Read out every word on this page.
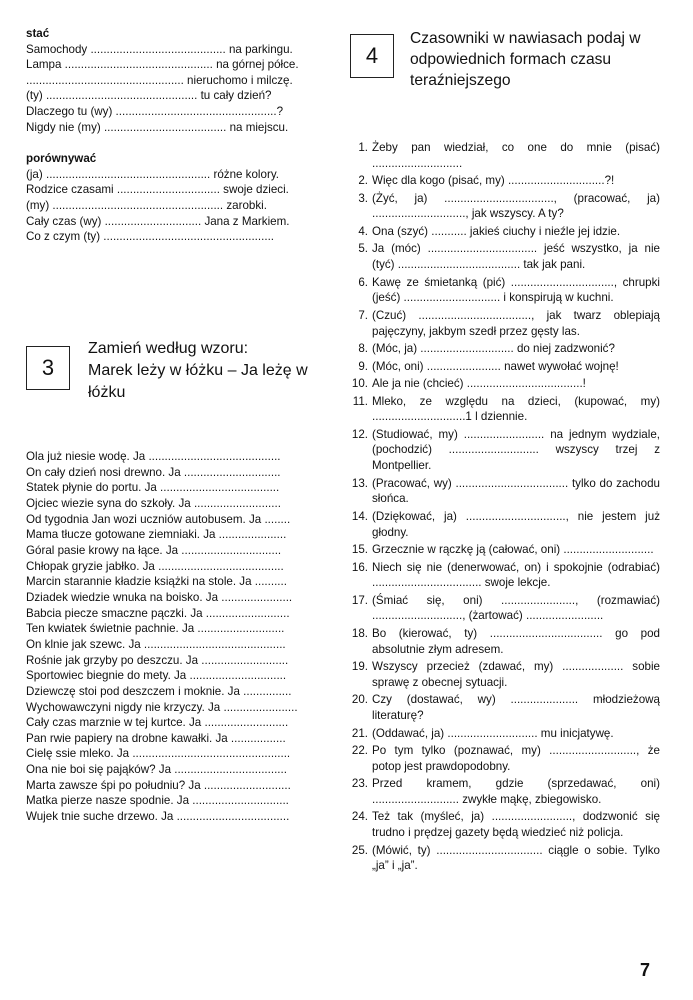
stać

Samochody .......................................... na parkingu.
Lampa .............................................. na górnej półce.
................................................. nieruchomo i milczę.
(ty) ............................................... tu cały dzień?
Dlaczego tu (wy) ..................................................?
Nigdy nie (my) ...................................... na miejscu.

porównywać

(ja) ................................................... różne kolory.
Rodzice czasami ................................ swoje dzieci.
(my) ..................................................... zarobki.
Cały czas (wy) .............................. Jana z Markiem.
Co z czym (ty) .....................................................
3
Zamień według wzoru:
Marek leży w łóżku – Ja leżę w łóżku
Ola już niesie wodę. Ja .........................................
On cały dzień nosi drewno. Ja ..............................
Statek płynie do portu. Ja .....................................
Ojciec wiezie syna do szkoły. Ja ...........................
Od tygodnia Jan wozi uczniów autobusem. Ja ........
Mama tłucze gotowane ziemniaki. Ja .....................
Góral pasie krowy na łące. Ja ...............................
Chłopak gryzie jabłko. Ja .......................................
Marcin starannie kładzie książki na stole. Ja ..........
Dziadek wiedzie wnuka na boisko. Ja ......................
Babcia piecze smaczne pączki. Ja ..........................
Ten kwiatek świetnie pachnie. Ja ...........................
On klnie jak szewc. Ja ............................................
Rośnie jak grzyby po deszczu. Ja ...........................
Sportowiec biegnie do mety. Ja ..............................
Dziewczę stoi pod deszczem i moknie. Ja ...............
Wychowawczyni nigdy nie krzyczy. Ja .......................
Cały czas marznie w tej kurtce. Ja ..........................
Pan rwie papiery na drobne kawałki. Ja .................
Cielę ssie mleko. Ja .................................................
Ona nie boi się pająków? Ja ...................................
Marta zawsze śpi po południu? Ja ...........................
Matka pierze nasze spodnie. Ja ..............................
Wujek tnie suche drzewo. Ja ...................................
4
Czasowniki w nawiasach podaj w odpowiednich formach czasu teraźniejszego
1. Żeby pan wiedział, co one do mnie (pisać) ............................
2. Więc dla kogo (pisać, my) ..............................?!
3. (Żyć, ja) .................................., (pracować, ja) ............................., jak wszyscy. A ty?
4. Ona (szyć) ........... jakieś ciuchy i nieźle jej idzie.
5. Ja (móc) .................................. jeść wszystko, ja nie (tyć) ...................................... tak jak pani.
6. Kawę ze śmietanką (pić) ................................, chrupki (jeść) .............................. i konspirują w kuchni.
7. (Czuć) ..................................., jak twarz oblepiają pajęczyny, jakbym szedł przez gęsty las.
8. (Móc, ja) ............................. do niej zadzwonić?
9. (Móc, oni) ....................... nawet wywołać wojnę!
10. Ale ja nie (chcieć) ....................................!
11. Mleko, ze względu na dzieci, (kupować, my) .............................1 l dziennie.
12. (Studiować, my) ......................... na jednym wydziale, (pochodzić) ............................ wszyscy trzej z Montpellier.
13. (Pracować, wy) ................................... tylko do zachodu słońca.
14. (Dziękować, ja) ..............................., nie jestem już głodny.
15. Grzecznie w rączkę ją (całować, oni) ............................
16. Niech się nie (denerwować, on) i spokojnie (odrabiać) .................................. swoje lekcje.
17. (Śmiać się, oni) ......................., (rozmawiać) ............................, (żartować) ........................
18. Bo (kierować, ty) ................................... go pod absolutnie złym adresem.
19. Wszyscy przecież (zdawać, my) ................... sobie sprawę z obecnej sytuacji.
20. Czy (dostawać, wy) ..................... młodzieżową literaturę?
21. (Oddawać, ja) ............................ mu inicjatywę.
22. Po tym tylko (poznawać, my) ..........................., że potop jest prawdopodobny.
23. Przed kramem, gdzie (sprzedawać, oni) ........................... zwykłe mąkę, zbiegowisko.
24. Też tak (myśleć, ja) ........................., dodzwonić się trudno i prędzej gazety będą wiedzieć niż policja.
25. (Mówić, ty) ................................. ciągle o sobie. Tylko „ja” i „ja”.
7
